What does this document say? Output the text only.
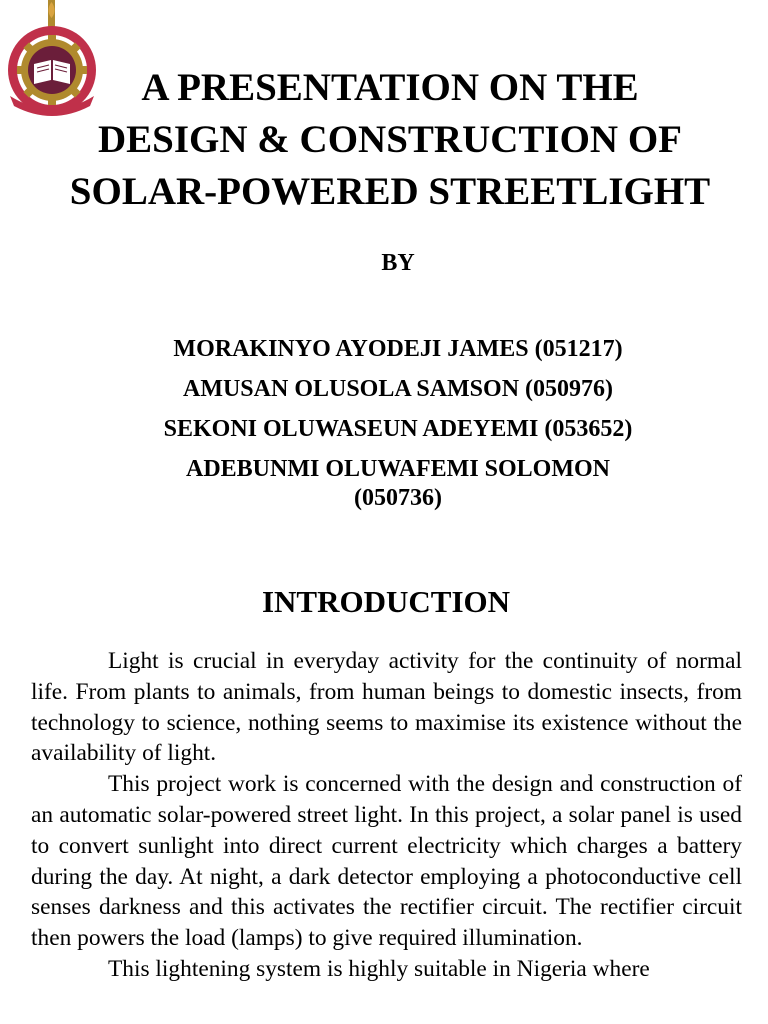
A PRESENTATION ON THE
DESIGN & CONSTRUCTION OF
SOLAR-POWERED STREETLIGHT
BY
MORAKINYO AYODEJI JAMES (051217)
AMUSAN OLUSOLA SAMSON (050976)
SEKONI OLUWASEUN ADEYEMI (053652)
ADEBUNMI OLUWAFEMI SOLOMON
(050736)
INTRODUCTION

Light is crucial in everyday activity for the continuity of normal life. From plants to animals, from human beings to domestic insects, from technology to science, nothing seems to maximise its existence without the availability of light.

This project work is concerned with the design and construction of an automatic solar-powered street light. In this project, a solar panel is used to convert sunlight into direct current electricity which charges a battery during the day. At night, a dark detector employing a photoconductive cell senses darkness and this activates the rectifier circuit. The rectifier circuit then powers the load (lamps) to give required illumination.

This lightening system is highly suitable in Nigeria where
